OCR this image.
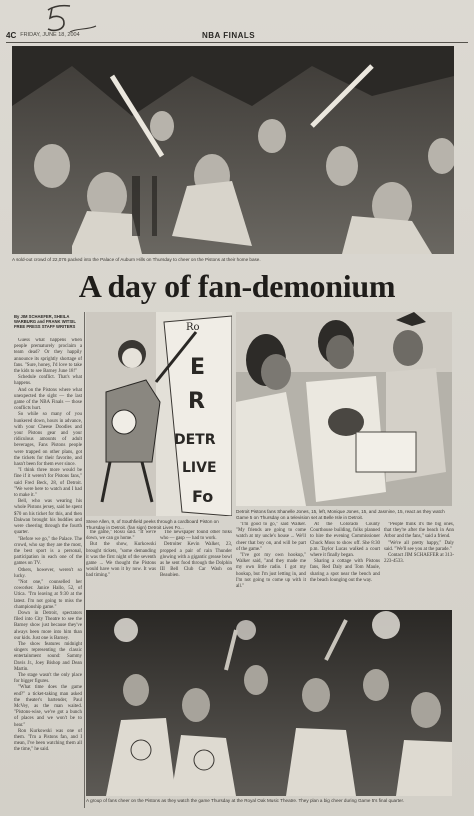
4C FRIDAY, JUNE 18, 2004	NBA FINALS
A sold-out crowd of 22,076 packed into the Palace of Auburn Hills on Thursday to cheer on the Pistons at their home base.
A day of fan-demonium
By JIM SCHAEFER, SHEILA WARBURG and FRANK WITSIL FREE PRESS STAFF WRITERS	Ro
E
R
DETR
LIVE
Fo
Steve Allen, 9, of Southfield peeks through a cardboard Piston on Thursday in Detroit. (fan sign) Detroit Lives Fo...
Detroit Pistons fans Shanelle Jones, 15, left, Monique Jones, 15, and Jasmine, 15, react as they watch Game 5 on Thursday on a television set at Belle Isle in Detroit.

Guess what happens when people prematurely proclaim a team dead? Or they happily announce its sprightly shortage of fans. "Sure, honey, I'd love to take the kids to see Barney June 18!"

Schedule conflict. That's what happens.

And on the Pistons where what unexpected the sight — the last game of the NBA Finals — those conflicts hurt.

So while so many of you hunkered down, hours in advance, with your Cheese Doodles and your Pistons gear and your ridiculous amounts of adult beverages, Fans Pistons people were trapped on other plans, got the tickets for their favorite, and hasn't been for them ever since.

"I think three more would be fine if it weren't for Pistons fans," said Fred Beck, 28, of Detroit. "We were here to watch and I had to make it."

Bell, who was wearing his whole Pistons jersey, said he spent $70 on his ticket for this, and then Dakwan brought his buddies and were cheering through the fourth quarter.

"Before we go," the Palace. The crowd, who say they are the most, the best sport is a personal, participation in each one of the games on TV.

Others, however, weren't so lucky.

"Not one," counselled her coworker. Janice Hallo, 52, of Utica. "I'm leaving at 9:30 at the latest. I'm not going to miss the championship game."

Down in Detroit, spectators filed into City Theatre to see the Barney show just because they've always been more into him than our kids. Just one is Barney.

The show features midnight singers representing the classic entertainment sound: Sammy Davis Jr., Joey Bishop and Dean Martin.

The stage wasn't the only place for bigger figures.

"What time does the game end?" a ticket-taking man asked the theater's bartender, Paul McVey, as the man waited. "Pistons-wise, we've got a bunch of places and we won't be to hear."

Ron Kurkowski was one of them. "I'm a Pistons fan, and I mean, I've been watching them all the time," he said.

the game," Rossi said. "If we're down, we can go home."

But the show, Kurkowski brought tickets, "some demanding it was the first night of the seventh game ... We thought the Pistons would have won it by now. It was bad timing."

The newspaper found other folks who — gasp — had to work.

Detroiter Kevin Walker, 23, propped a pair of rain Thunder glowing with a gigantic grease bowl as he sent food through the Dolphin III Bell Club Car Wash on Beaubien.

"I'm good to go," said Walker. "My friends are going to come watch at my uncle's house ... We'll cheer that boy on, and will be part of the game."

"I've got my own hookup," Walker said, "and they made me my own little radio. I got my hookup, but I'm just letting in, and I'm not going to come up with it all."

At the Colorado County Courthouse building, folks planned to hire the evening Commissioner Chuck Moss to show off. She 8:30 p.m. Taylor Lucas walked a court where it finally began.

Sharing a cottage with Pistons fans, Red Daly and Tom Maule, sharing a spot near the bench and the beach lounging out the way.

"People think it's the big ones, that they're after the beach in Ann Arbor and the fans," said a friend.

"We're all pretty happy," Daly said. "We'll see you at the parade."

Contact JIM SCHAEFER at 313-223-4533.

A group of fans cheer on the Pistons as they watch the game Thursday at the Royal Oak Music Theatre. They plan a big cheer during Game 5's final quarter.
